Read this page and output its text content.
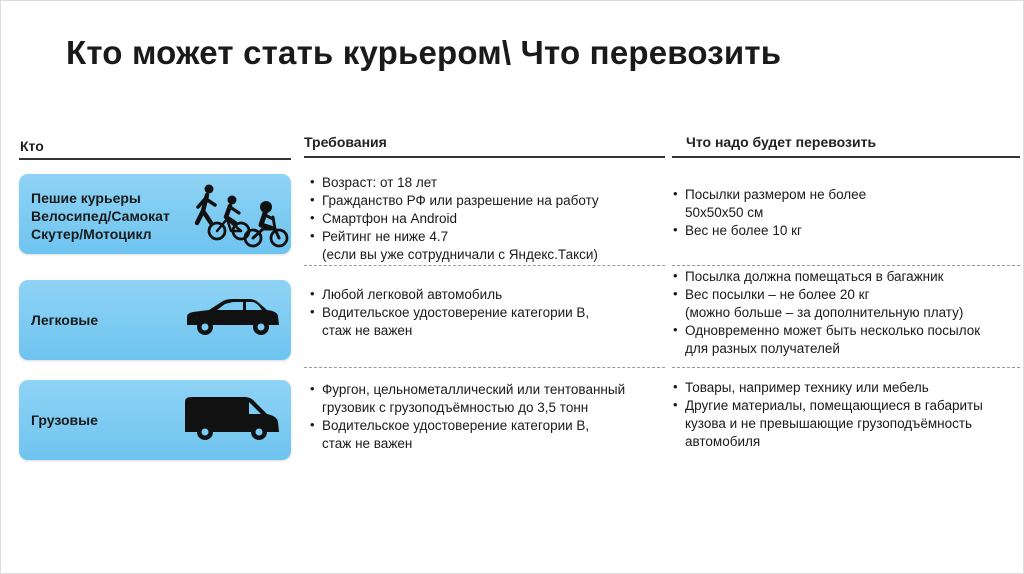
Кто может стать курьером\ Что перевозить
Кто	Требования	Что надо будет перевозить
Пешие курьеры
Велосипед/Самокат
Скутер/Мотоцикл
• Возраст: от 18 лет
• Гражданство РФ или разрешение на работу
• Смартфон на Android
• Рейтинг не ниже 4.7
(если вы уже сотрудничали с Яндекс.Такси)
• Посылки размером не более
50х50х50 см
• Вес не более 10 кг
Легковые
• Любой легковой автомобиль
• Водительское удостоверение категории B,
стаж не важен
• Посылка должна помещаться в багажник
• Вес посылки – не более 20 кг
(можно больше – за дополнительную плату)
• Одновременно может быть несколько посылок
для разных получателей
Грузовые
• Фургон, цельнометаллический или тентованный
грузовик с грузоподъёмностью до 3,5 тонн
• Водительское удостоверение категории B,
стаж не важен
• Товары, например технику или мебель
• Другие материалы, помещающиеся в габариты
кузова и не превышающие грузоподъёмность
автомобиля
